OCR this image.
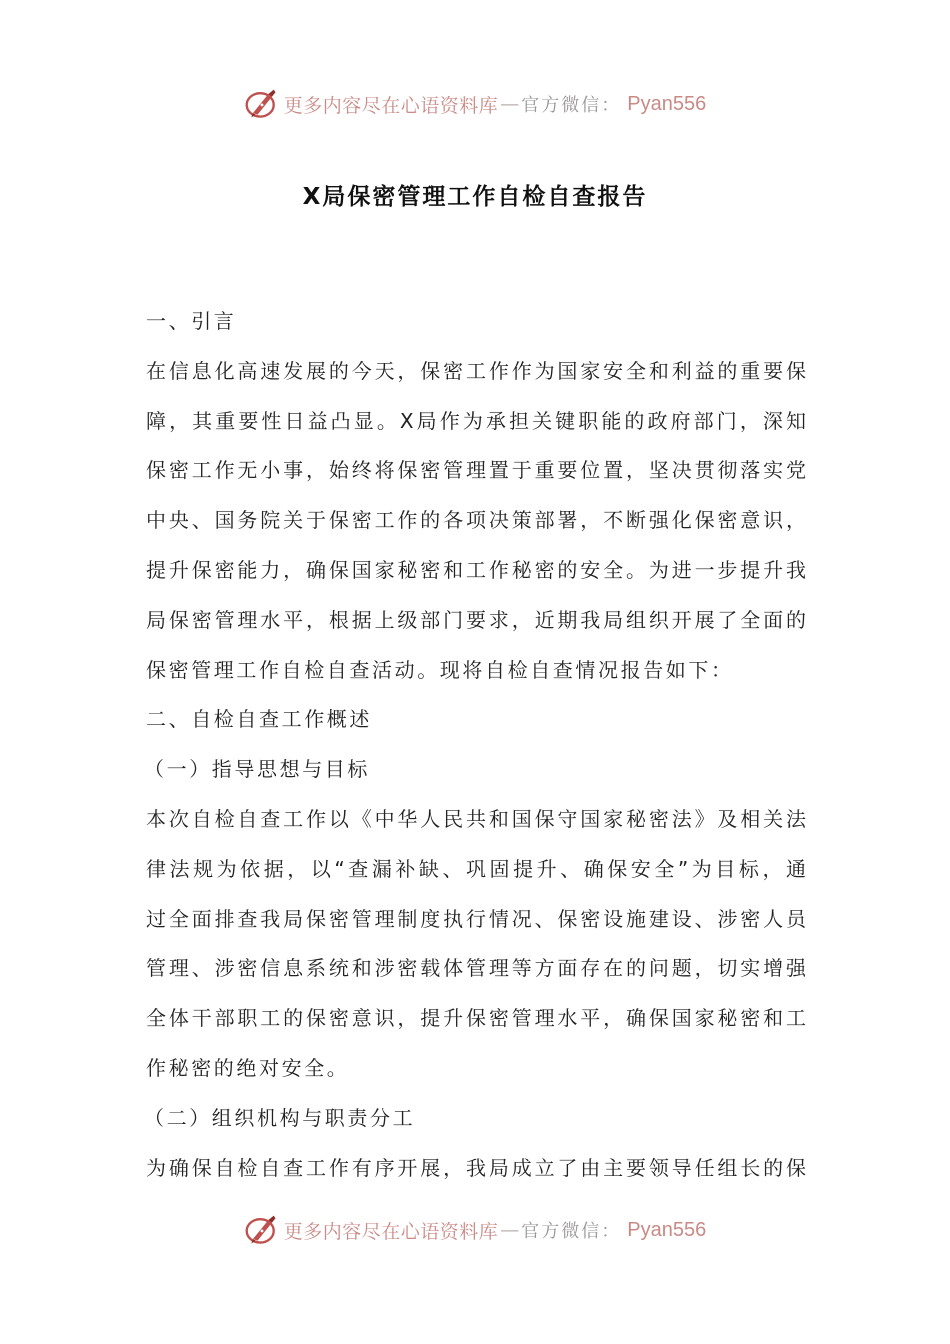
更多内容尽在心语资料库 — 官方微信： Pyan556
X局保密管理工作自检自查报告
一、引言
在信息化高速发展的今天，保密工作作为国家安全和利益的重要保
障，其重要性日益凸显。X局作为承担关键职能的政府部门，深知
保密工作无小事，始终将保密管理置于重要位置，坚决贯彻落实党
中央、国务院关于保密工作的各项决策部署，不断强化保密意识，
提升保密能力，确保国家秘密和工作秘密的安全。为进一步提升我
局保密管理水平，根据上级部门要求，近期我局组织开展了全面的
保密管理工作自检自查活动。现将自检自查情况报告如下：
二、自检自查工作概述
（一）指导思想与目标
本次自检自查工作以《中华人民共和国保守国家秘密法》及相关法
律法规为依据，以“查漏补缺、巩固提升、确保安全”为目标，通
过全面排查我局保密管理制度执行情况、保密设施建设、涉密人员
管理、涉密信息系统和涉密载体管理等方面存在的问题，切实增强
全体干部职工的保密意识，提升保密管理水平，确保国家秘密和工
作秘密的绝对安全。
（二）组织机构与职责分工
为确保自检自查工作有序开展，我局成立了由主要领导任组长的保
更多内容尽在心语资料库 — 官方微信： Pyan556
